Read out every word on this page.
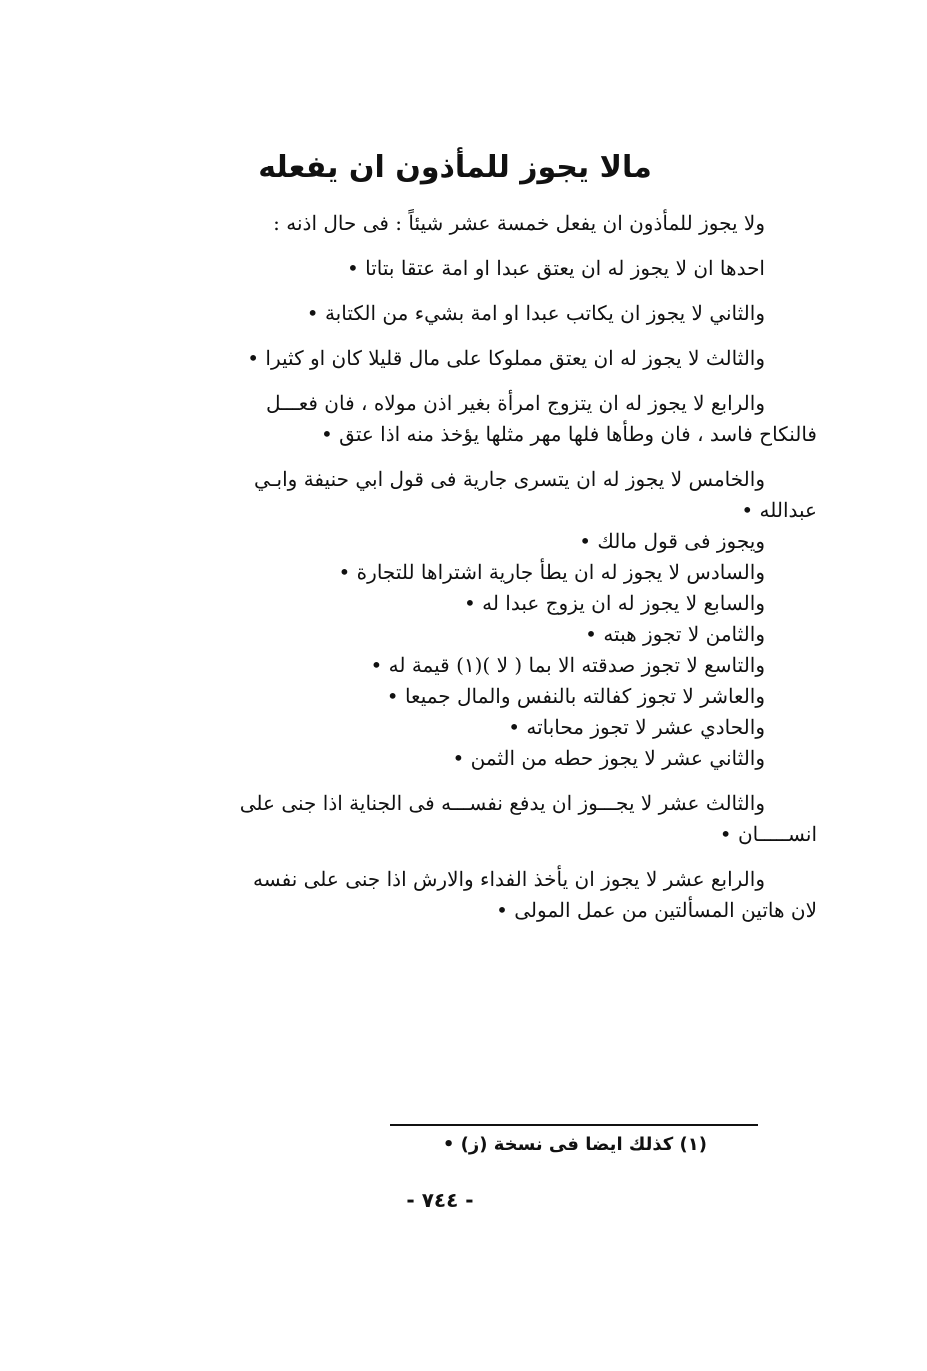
مالا يجوز للمأذون ان يفعله

ولا يجوز للمأذون ان يفعل خمسة عشر شيئاً : فى حال اذنه :

احدها ان لا يجوز له ان يعتق عبدا او امة عتقا بتاتا •

والثاني لا يجوز ان يكاتب عبدا او امة بشيء من الكتابة •

والثالث لا يجوز له ان يعتق مملوكا على مال قليلا كان او كثيرا •

والرابع لا يجوز له ان يتزوج امرأة بغير اذن مولاه ، فان فعـــل

فالنكاح فاسد ، فان وطأها فلها مهر مثلها يؤخذ منه اذا عتق •

والخامس لا يجوز له ان يتسرى جارية فى قول ابي حنيفة وابـي

عبدالله •

ويجوز فى قول مالك •

والسادس لا يجوز له ان يطأ جارية اشتراها للتجارة •

والسابع لا يجوز له ان يزوج عبدا له •

والثامن لا تجوز هبته •

والتاسع لا تجوز صدقته الا بما ( لا )(١) قيمة له •

والعاشر لا تجوز كفالته بالنفس والمال جميعا •

والحادي عشر لا تجوز محاباته •

والثاني عشر لا يجوز حطه من الثمن •

والثالث عشر لا يجـــوز ان يدفع نفســـه فى الجناية اذا جنى على

انســـــان •

والرابع عشر لا يجوز ان يأخذ الفداء والارش اذا جنى على نفسه

لان هاتين المسألتين من عمل المولى •

(١) كذلك ايضا فى نسخة (ز) •
- ٧٤٤ -
